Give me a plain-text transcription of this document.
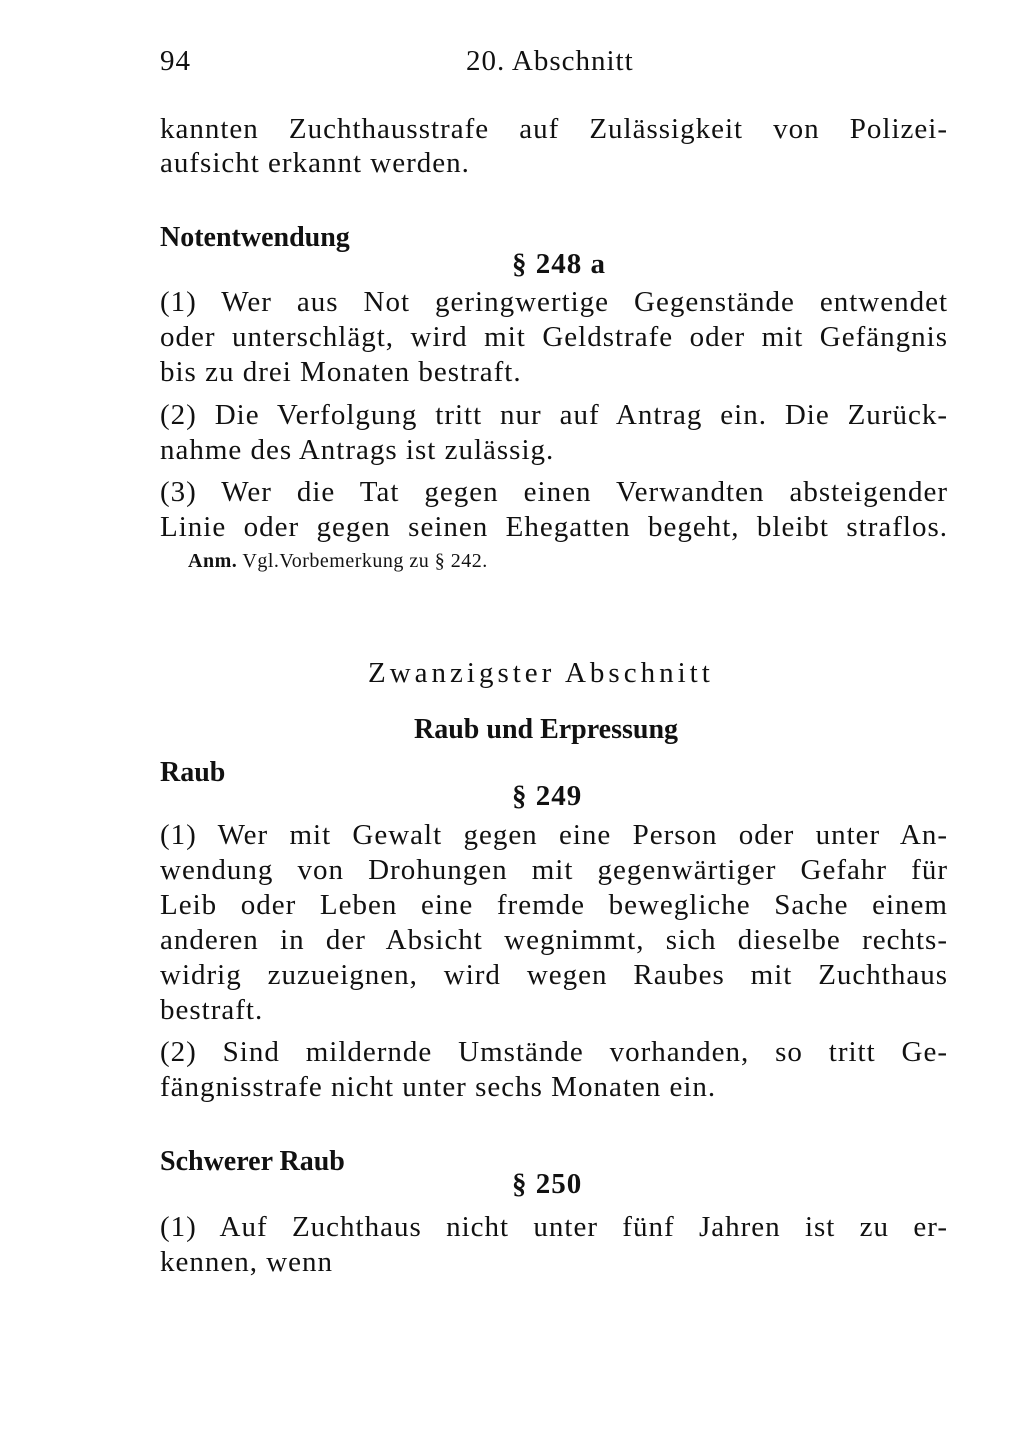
94	20. Abschnitt
kannten Zuchthausstrafe auf Zulässigkeit von Polizei-
aufsicht erkannt werden.
Notentwendung
§ 248 a
(1) Wer aus Not geringwertige Gegenstände entwendet
oder unterschlägt, wird mit Geldstrafe oder mit Gefängnis
bis zu drei Monaten bestraft.
(2) Die Verfolgung tritt nur auf Antrag ein. Die Zurück-
nahme des Antrags ist zulässig.
(3) Wer die Tat gegen einen Verwandten absteigender
Linie oder gegen seinen Ehegatten begeht, bleibt straflos.
Anm. Vgl.Vorbemerkung zu § 242.
Zwanzigster Abschnitt
Raub und Erpressung
Raub
§ 249
(1) Wer mit Gewalt gegen eine Person oder unter An-
wendung von Drohungen mit gegenwärtiger Gefahr für
Leib oder Leben eine fremde bewegliche Sache einem
anderen in der Absicht wegnimmt, sich dieselbe rechts-
widrig zuzueignen, wird wegen Raubes mit Zuchthaus
bestraft.
(2) Sind mildernde Umstände vorhanden, so tritt Ge-
fängnisstrafe nicht unter sechs Monaten ein.
Schwerer Raub
§ 250
(1) Auf Zuchthaus nicht unter fünf Jahren ist zu er-
kennen, wenn
